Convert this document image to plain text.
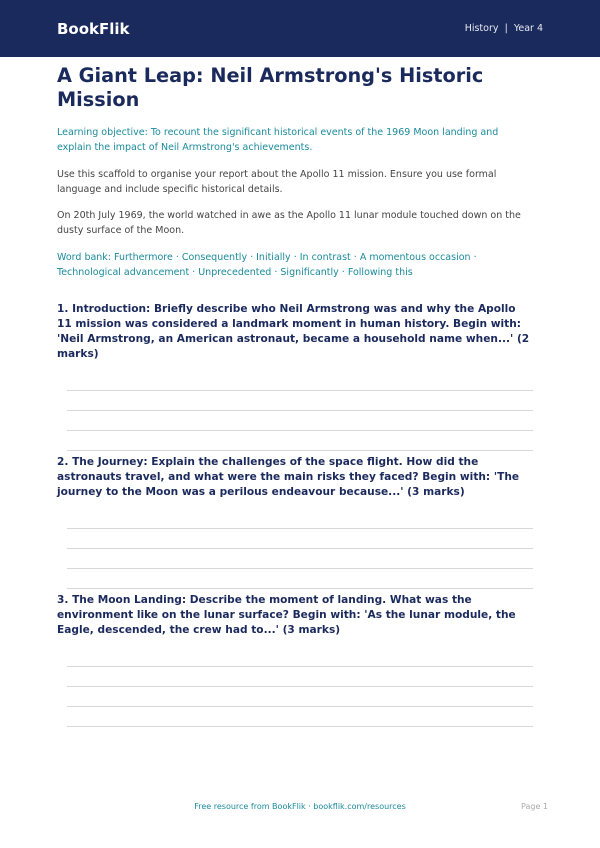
BookFlik	History | Year 4
A Giant Leap: Neil Armstrong's Historic Mission

Learning objective: To recount the significant historical events of the 1969 Moon landing and explain the impact of Neil Armstrong's achievements.

Use this scaffold to organise your report about the Apollo 11 mission. Ensure you use formal language and include specific historical details.

On 20th July 1969, the world watched in awe as the Apollo 11 lunar module touched down on the dusty surface of the Moon.

Word bank: Furthermore · Consequently · Initially · In contrast · A momentous occasion · Technological advancement · Unprecedented · Significantly · Following this

1. Introduction: Briefly describe who Neil Armstrong was and why the Apollo 11 mission was considered a landmark moment in human history. Begin with: 'Neil Armstrong, an American astronaut, became a household name when...' (2 marks)
2. The Journey: Explain the challenges of the space flight. How did the astronauts travel, and what were the main risks they faced? Begin with: 'The journey to the Moon was a perilous endeavour because...' (3 marks)
3. The Moon Landing: Describe the moment of landing. What was the environment like on the lunar surface? Begin with: 'As the lunar module, the Eagle, descended, the crew had to...' (3 marks)
Free resource from BookFlik · bookflik.com/resources	Page 1
